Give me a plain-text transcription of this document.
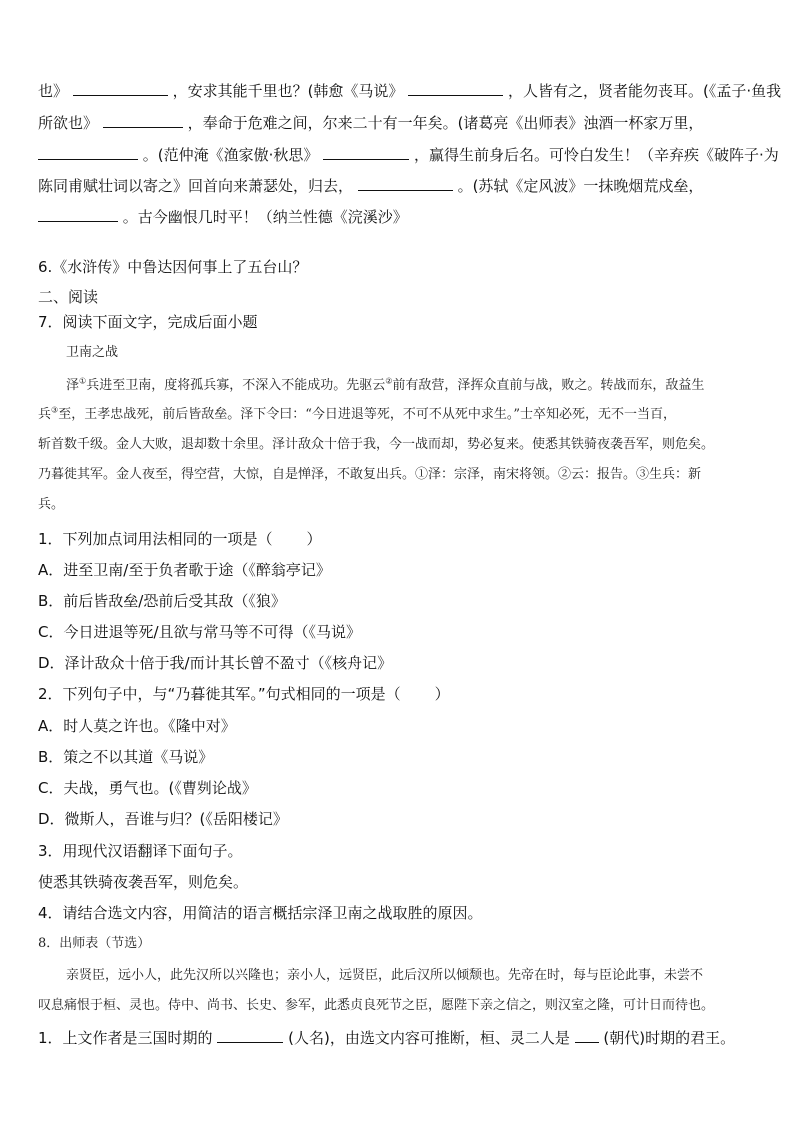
也》	，安求其能千里也？(韩愈《马说》	，人皆有之，贤者能勿丧耳。(《孟子·鱼我
所欲也》	，奉命于危难之间，尔来二十有一年矣。(诸葛亮《出师表》浊酒一杯家万里，
。(范仲淹《渔家傲·秋思》	，赢得生前身后名。可怜白发生！（辛弃疾《破阵子·为
陈同甫赋壮词以寄之》回首向来萧瑟处，归去，	。(苏轼《定风波》一抹晚烟荒戍垒，
。古今幽恨几时平！（纳兰性德《浣溪沙》
6.《水浒传》中鲁达因何事上了五台山？
二、阅读
7．阅读下面文字，完成后面小题
卫南之战
泽①兵进至卫南，度将孤兵寡，不深入不能成功。先驱云②前有敌营，泽挥众直前与战，败之。转战而东，敌益生
兵③至，王孝忠战死，前后皆敌垒。泽下令曰：“今日进退等死，不可不从死中求生。”士卒知必死，无不一当百，
斩首数千级。金人大败，退却数十余里。泽计敌众十倍于我，今一战而却，势必复来。使悉其铁骑夜袭吾军，则危矣。
乃暮徙其军。金人夜至，得空营，大惊，自是惮泽，不敢复出兵。①泽：宗泽，南宋将领。②云：报告。③生兵：新
兵。
1．下列加点词用法相同的一项是（ ）
A．进至卫南/至于负者歌于途（《醉翁亭记》
B．前后皆敌垒/恐前后受其敌（《狼》
C．今日进退等死/且欲与常马等不可得（《马说》
D．泽计敌众十倍于我/而计其长曾不盈寸（《核舟记》
2．下列句子中，与“乃暮徙其军。”句式相同的一项是（ ）
A．时人莫之许也。《隆中对》
B．策之不以其道《马说》
C．夫战，勇气也。(《曹刿论战》
D．微斯人，吾谁与归？(《岳阳楼记》
3．用现代汉语翻译下面句子。
使悉其铁骑夜袭吾军，则危矣。
4．请结合选文内容，用简洁的语言概括宗泽卫南之战取胜的原因。
8．出师表（节选）
亲贤臣，远小人，此先汉所以兴隆也；亲小人，远贤臣，此后汉所以倾颓也。先帝在时，每与臣论此事，未尝不
叹息痛恨于桓、灵也。侍中、尚书、长史、参军，此悉贞良死节之臣，愿陛下亲之信之，则汉室之隆，可计日而待也。
1．上文作者是三国时期的	(人名)，由选文内容可推断，桓、灵二人是 (朝代)时期的君王。
